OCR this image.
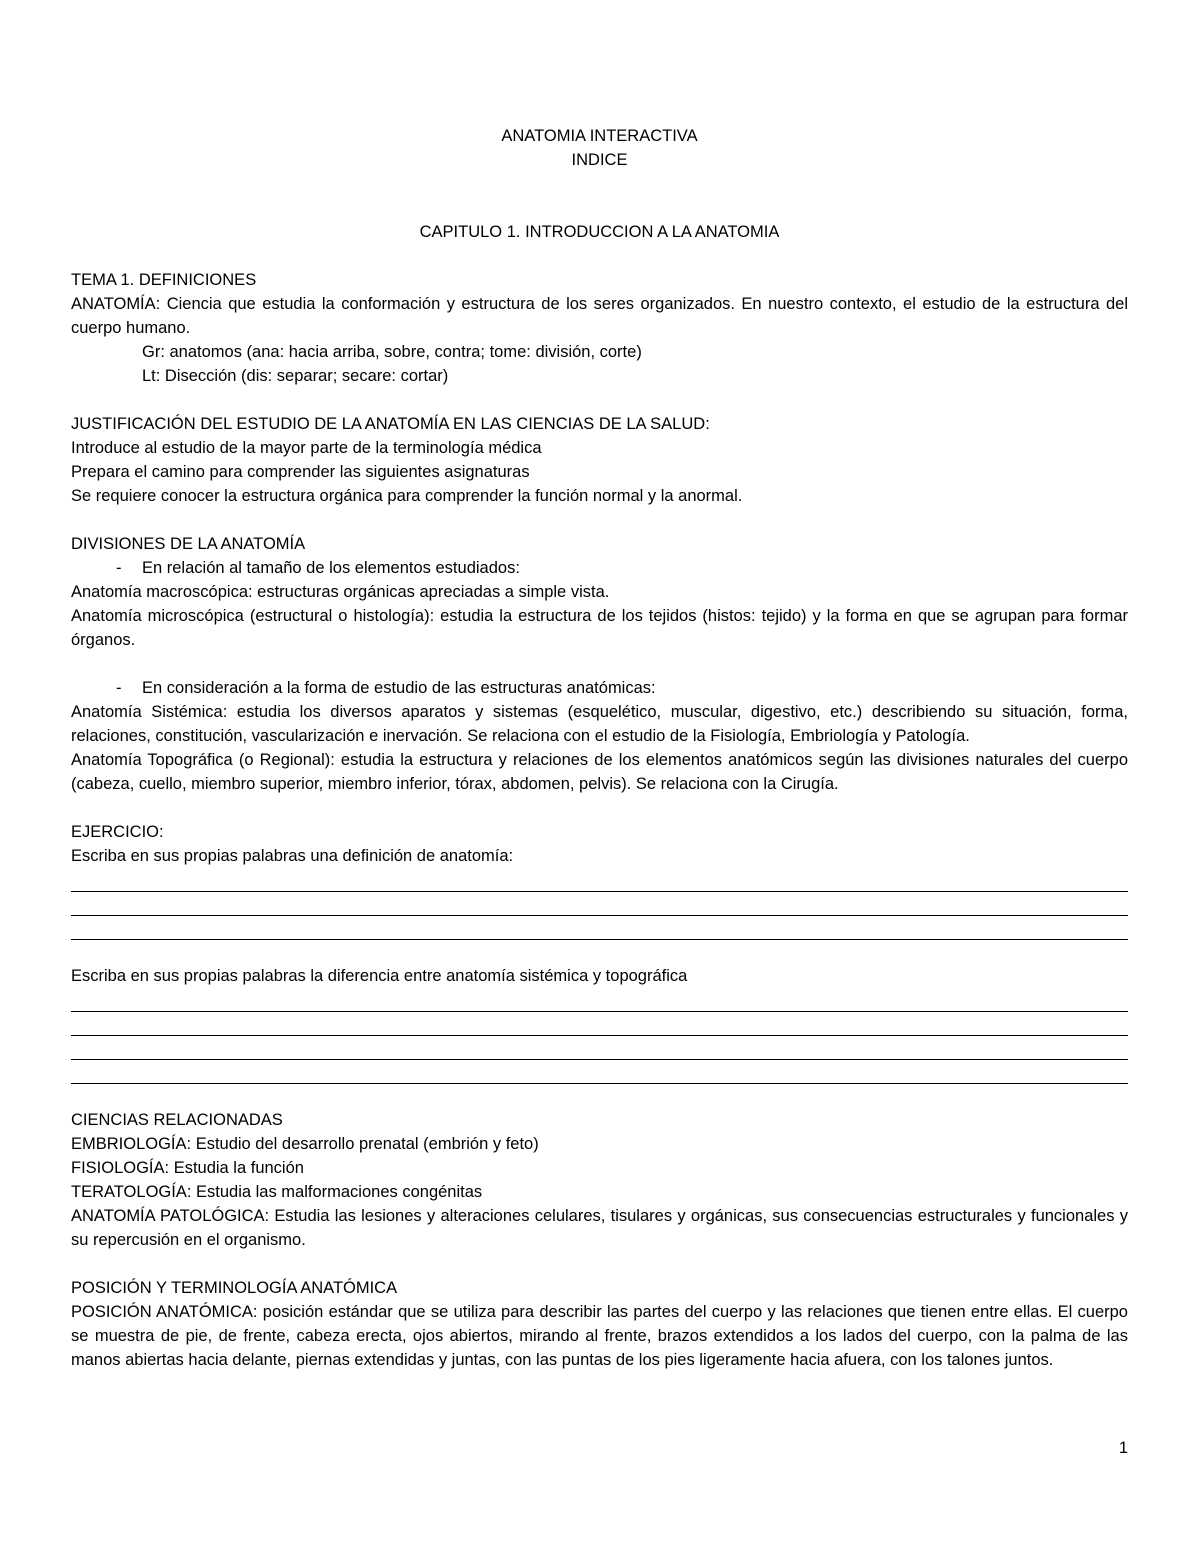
ANATOMIA INTERACTIVA

INDICE

CAPITULO 1. INTRODUCCION A LA ANATOMIA

TEMA 1. DEFINICIONES

ANATOMÍA: Ciencia que estudia la conformación y estructura de los seres organizados. En nuestro contexto, el estudio de la estructura del cuerpo humano.

Gr: anatomos (ana: hacia arriba, sobre, contra; tome: división, corte)

Lt: Disección (dis: separar; secare: cortar)

JUSTIFICACIÓN DEL ESTUDIO DE LA ANATOMÍA EN LAS CIENCIAS DE LA SALUD:

Introduce al estudio de la mayor parte de la terminología médica

Prepara el camino para comprender las siguientes asignaturas

Se requiere conocer la estructura orgánica para comprender la función normal y la anormal.

DIVISIONES DE LA ANATOMÍA

- En relación al tamaño de los elementos estudiados:

Anatomía macroscópica: estructuras orgánicas apreciadas a simple vista.

Anatomía microscópica (estructural o histología): estudia la estructura de los tejidos (histos: tejido) y la forma en que se agrupan para formar órganos.

- En consideración a la forma de estudio de las estructuras anatómicas:

Anatomía Sistémica: estudia los diversos aparatos y sistemas (esquelético, muscular, digestivo, etc.) describiendo su situación, forma, relaciones, constitución, vascularización e inervación. Se relaciona con el estudio de la Fisiología, Embriología y Patología.

Anatomía Topográfica (o Regional): estudia la estructura y relaciones de los elementos anatómicos según las divisiones naturales del cuerpo (cabeza, cuello, miembro superior, miembro inferior, tórax, abdomen, pelvis). Se relaciona con la Cirugía.

EJERCICIO:

Escriba en sus propias palabras una definición de anatomía:

Escriba en sus propias palabras la diferencia entre anatomía sistémica y topográfica

CIENCIAS RELACIONADAS

EMBRIOLOGÍA: Estudio del desarrollo prenatal (embrión y feto)

FISIOLOGÍA: Estudia la función

TERATOLOGÍA: Estudia las malformaciones congénitas

ANATOMÍA PATOLÓGICA: Estudia las lesiones y alteraciones celulares, tisulares y orgánicas, sus consecuencias estructurales y funcionales y su repercusión en el organismo.

POSICIÓN Y TERMINOLOGÍA ANATÓMICA

POSICIÓN ANATÓMICA: posición estándar que se utiliza para describir las partes del cuerpo y las relaciones que tienen entre ellas. El cuerpo se muestra de pie, de frente, cabeza erecta, ojos abiertos, mirando al frente, brazos extendidos a los lados del cuerpo, con la palma de las manos abiertas hacia delante, piernas extendidas y juntas, con las puntas de los pies ligeramente hacia afuera, con los talones juntos.

1
